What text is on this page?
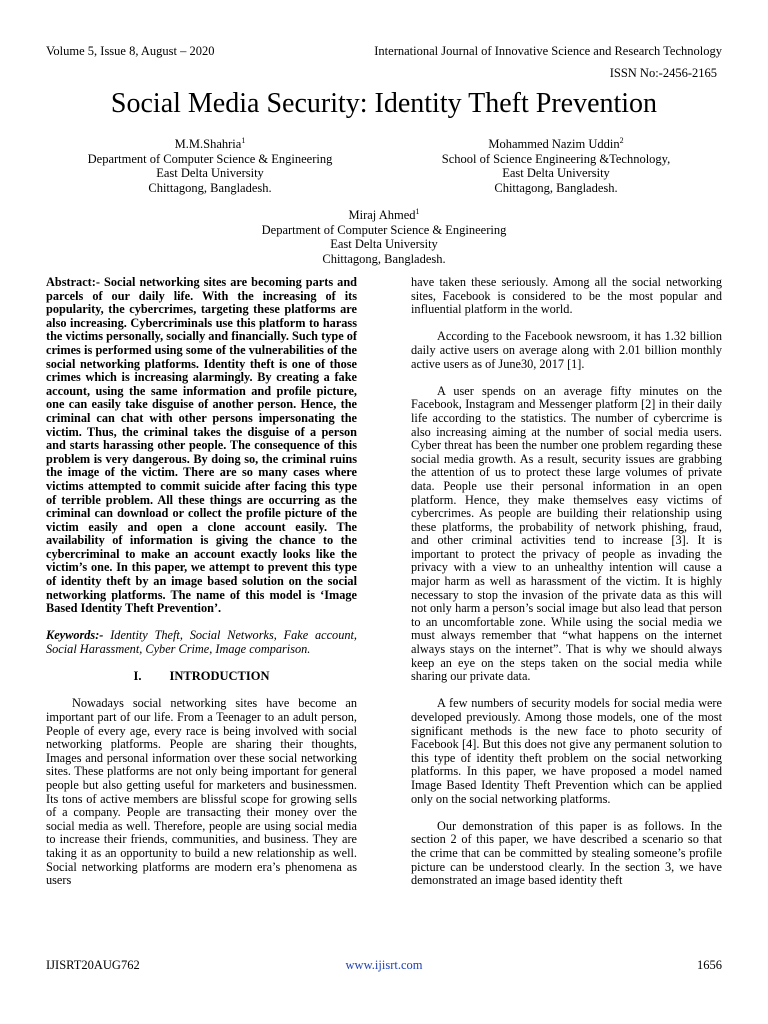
Volume 5, Issue 8, August – 2020	International Journal of Innovative Science and Research Technology
ISSN No:-2456-2165
Social Media Security: Identity Theft Prevention
M.M.Shahria$^1$
Department of Computer Science & Engineering
East Delta University
Chittagong, Bangladesh.
Mohammed Nazim Uddin$^2$
School of Science Engineering &Technology,
East Delta University
Chittagong, Bangladesh.
Miraj Ahmed$^1$
Department of Computer Science & Engineering
East Delta University
Chittagong, Bangladesh.

Abstract:- Social networking sites are becoming parts and parcels of our daily life. With the increasing of its popularity, the cybercrimes, targeting these platforms are also increasing. Cybercriminals use this platform to harass the victims personally, socially and financially. Such type of crimes is performed using some of the vulnerabilities of the social networking platforms. Identity theft is one of those crimes which is increasing alarmingly. By creating a fake account, using the same information and profile picture, one can easily take disguise of another person. Hence, the criminal can chat with other persons impersonating the victim. Thus, the criminal takes the disguise of a person and starts harassing other people. The consequence of this problem is very dangerous. By doing so, the criminal ruins the image of the victim. There are so many cases where victims attempted to commit suicide after facing this type of terrible problem. All these things are occurring as the criminal can download or collect the profile picture of the victim easily and open a clone account easily. The availability of information is giving the chance to the cybercriminal to make an account exactly looks like the victim’s one. In this paper, we attempt to prevent this type of identity theft by an image based solution on the social networking platforms. The name of this model is ‘Image Based Identity Theft Prevention’.

Keywords:- Identity Theft, Social Networks, Fake account, Social Harassment, Cyber Crime, Image comparison.

I. INTRODUCTION

Nowadays social networking sites have become an important part of our life. From a Teenager to an adult person, People of every age, every race is being involved with social networking platforms. People are sharing their thoughts, Images and personal information over these social networking sites. These platforms are not only being important for general people but also getting useful for marketers and businessmen. Its tons of active members are blissful scope for growing sells of a company. People are transacting their money over the social media as well. Therefore, people are using social media to increase their friends, communities, and business. They are taking it as an opportunity to build a new relationship as well. Social networking platforms are modern era’s phenomena as users

have taken these seriously. Among all the social networking sites, Facebook is considered to be the most popular and influential platform in the world.

According to the Facebook newsroom, it has 1.32 billion daily active users on average along with 2.01 billion monthly active users as of June30, 2017 [1].

A user spends on an average fifty minutes on the Facebook, Instagram and Messenger platform [2] in their daily life according to the statistics. The number of cybercrime is also increasing aiming at the number of social media users. Cyber threat has been the number one problem regarding these social media growth. As a result, security issues are grabbing the attention of us to protect these large volumes of private data. People use their personal information in an open platform. Hence, they make themselves easy victims of cybercrimes. As people are building their relationship using these platforms, the probability of network phishing, fraud, and other criminal activities tend to increase [3]. It is important to protect the privacy of people as invading the privacy with a view to an unhealthy intention will cause a major harm as well as harassment of the victim. It is highly necessary to stop the invasion of the private data as this will not only harm a person’s social image but also lead that person to an uncomfortable zone. While using the social media we must always remember that “what happens on the internet always stays on the internet”. That is why we should always keep an eye on the steps taken on the social media while sharing our private data.

A few numbers of security models for social media were developed previously. Among those models, one of the most significant methods is the new face to photo security of Facebook [4]. But this does not give any permanent solution to this type of identity theft problem on the social networking platforms. In this paper, we have proposed a model named Image Based Identity Theft Prevention which can be applied only on the social networking platforms.

Our demonstration of this paper is as follows. In the section 2 of this paper, we have described a scenario so that the crime that can be committed by stealing someone’s profile picture can be understood clearly. In the section 3, we have demonstrated an image based identity theft

IJISRT20AUG762	www.ijisrt.com	1656
